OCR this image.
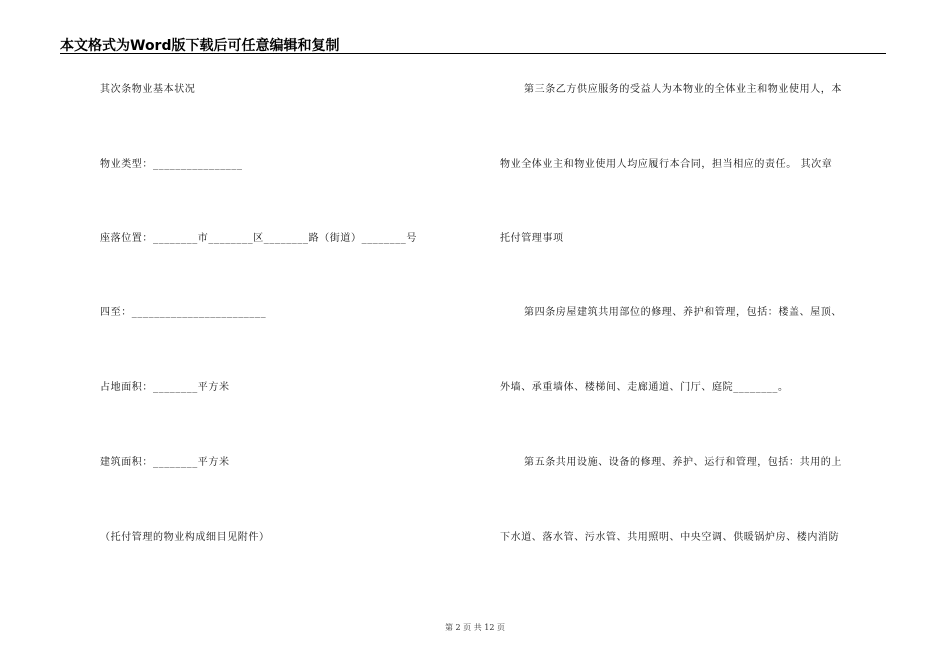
本文格式为Word版下载后可任意编辑和复制
其次条物业基本状况
物业类型：________________
座落位置：________市________区________路（街道）________号
四至：________________________
占地面积：________平方米
建筑面积：________平方米
（托付管理的物业构成细目见附件）
第三条乙方供应服务的受益人为本物业的全体业主和物业使用人，本
物业全体业主和物业使用人均应履行本合同，担当相应的责任。 其次章
托付管理事项
第四条房屋建筑共用部位的修理、养护和管理，包括：楼盖、屋顶、
外墙、承重墙体、楼梯间、走廊通道、门厅、庭院________。
第五条共用设施、设备的修理、养护、运行和管理，包括：共用的上
下水道、落水管、污水管、共用照明、中央空调、供暖锅炉房、楼内消防
第 2 页 共 12 页
